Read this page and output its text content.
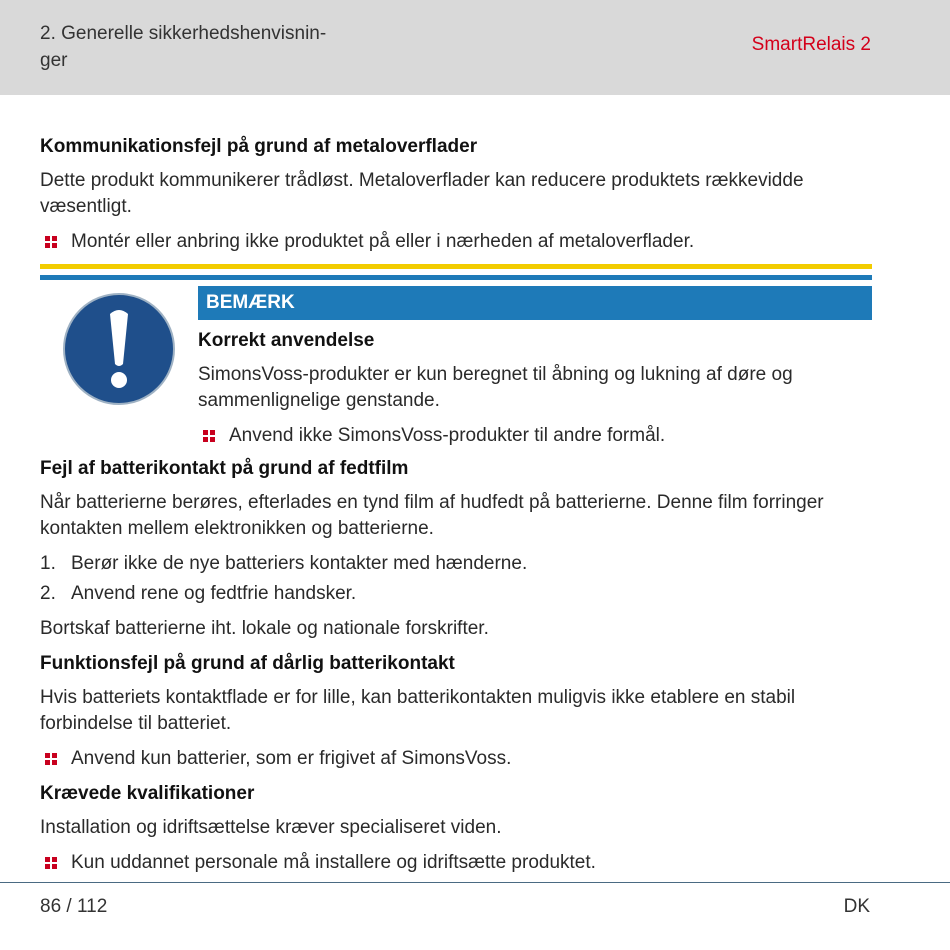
2. Generelle sikkerhedshenvisnin-
ger
SmartRelais 2
Kommunikationsfejl på grund af metaloverflader

Dette produkt kommunikerer trådløst. Metaloverflader kan reducere produktets rækkevidde væsentligt.

Montér eller anbring ikke produktet på eller i nærheden af metaloverflader.
BEMÆRK
Korrekt anvendelse

SimonsVoss-produkter er kun beregnet til åbning og lukning af døre og sammenlignelige genstande.

Anvend ikke SimonsVoss-produkter til andre formål.
Fejl af batterikontakt på grund af fedtfilm

Når batterierne berøres, efterlades en tynd film af hudfedt på batterierne. Denne film forringer kontakten mellem elektronikken og batterierne.

1. Berør ikke de nye batteriers kontakter med hænderne.
2. Anvend rene og fedtfrie handsker.

Bortskaf batterierne iht. lokale og nationale forskrifter.

Funktionsfejl på grund af dårlig batterikontakt

Hvis batteriets kontaktflade er for lille, kan batterikontakten muligvis ikke etablere en stabil forbindelse til batteriet.

Anvend kun batterier, som er frigivet af SimonsVoss.
Krævede kvalifikationer

Installation og idriftsættelse kræver specialiseret viden.

Kun uddannet personale må installere og idriftsætte produktet.
86 / 112	DK
